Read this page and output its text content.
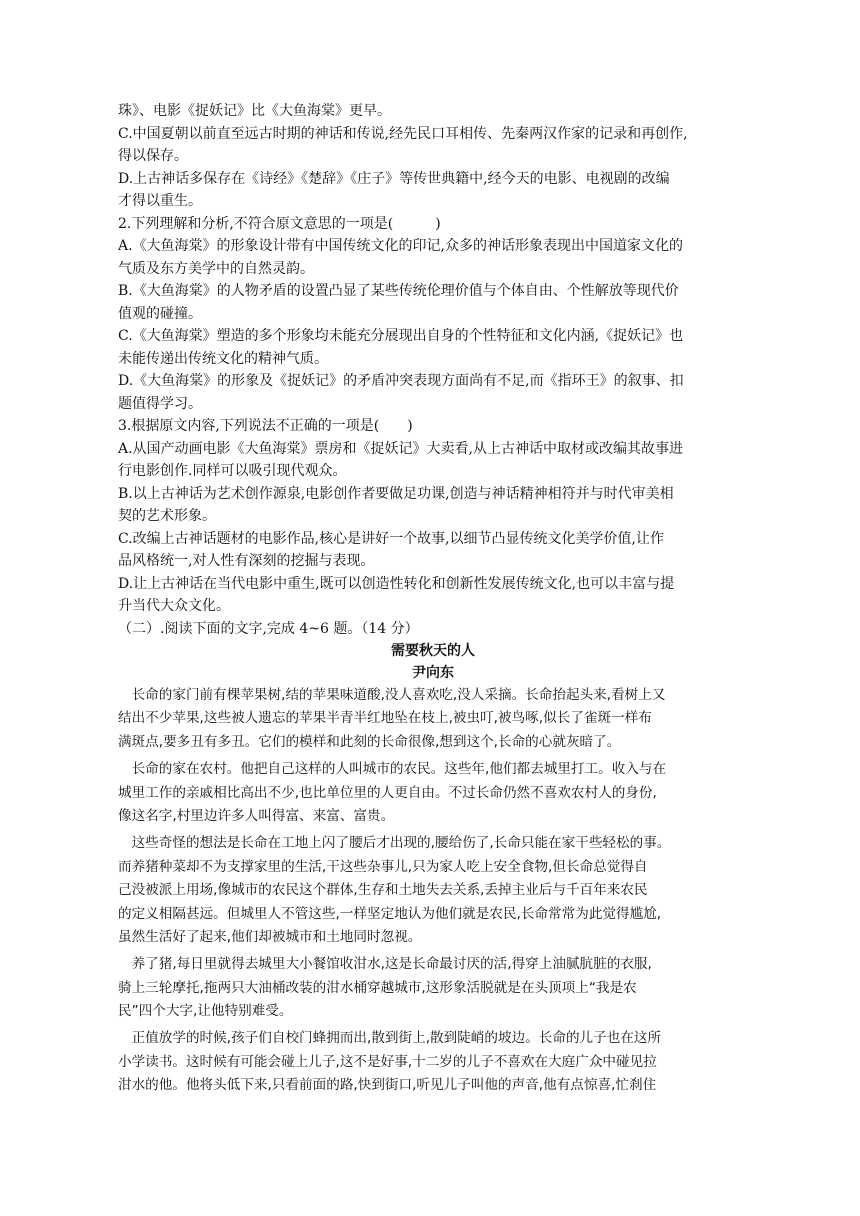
珠》、电影《捉妖记》比《大鱼海棠》更早。
C.中国夏朝以前直至远古时期的神话和传说,经先民口耳相传、先秦两汉作家的记录和再创作,
得以保存。
D.上古神话多保存在《诗经》《楚辞》《庄子》等传世典籍中,经今天的电影、电视剧的改编
才得以重生。
2.下列理解和分析,不符合原文意思的一项是(　　　)
A.《大鱼海棠》的形象设计带有中国传统文化的印记,众多的神话形象表现出中国道家文化的
气质及东方美学中的自然灵韵。
B.《大鱼海棠》的人物矛盾的设置凸显了某些传统伦理价值与个体自由、个性解放等现代价
值观的碰撞。
C.《大鱼海棠》塑造的多个形象均未能充分展现出自身的个性特征和文化内涵,《捉妖记》也
未能传递出传统文化的精神气质。
D.《大鱼海棠》的形象及《捉妖记》的矛盾冲突表现方面尚有不足,而《指环王》的叙事、扣
题值得学习。
3.根据原文内容,下列说法不正确的一项是(　　)
A.从国产动画电影《大鱼海棠》票房和《捉妖记》大卖看,从上古神话中取材或改编其故事进
行电影创作.同样可以吸引现代观众。
B.以上古神话为艺术创作源泉,电影创作者要做足功课,创造与神话精神相符并与时代审美相
契的艺术形象。
C.改编上古神话题材的电影作品,核心是讲好一个故事,以细节凸显传统文化美学价值,让作
品风格统一,对人性有深刻的挖掘与表现。
D.让上古神话在当代电影中重生,既可以创造性转化和创新性发展传统文化,也可以丰富与提
升当代大众文化。
（二）.阅读下面的文字,完成 4~6 题。（14 分）
需要秋天的人
尹向东
　长命的家门前有棵苹果树,结的苹果味道酸,没人喜欢吃,没人采摘。长命抬起头来,看树上又
结出不少苹果,这些被人遗忘的苹果半青半红地坠在枝上,被虫叮,被鸟啄,似长了雀斑一样布
满斑点,要多丑有多丑。它们的模样和此刻的长命很像,想到这个,长命的心就灰暗了。
　长命的家在农村。他把自己这样的人叫城市的农民。这些年,他们都去城里打工。收入与在
城里工作的亲戚相比高出不少,也比单位里的人更自由。不过长命仍然不喜欢农村人的身份,
像这名字,村里边许多人叫得富、来富、富贵。
　这些奇怪的想法是长命在工地上闪了腰后才出现的,腰给伤了,长命只能在家干些轻松的事。
而养猪种菜却不为支撑家里的生活,干这些杂事儿,只为家人吃上安全食物,但长命总觉得自
己没被派上用场,像城市的农民这个群体,生存和土地失去关系,丢掉主业后与千百年来农民
的定义相隔甚远。但城里人不管这些,一样坚定地认为他们就是农民,长命常常为此觉得尴尬,
虽然生活好了起来,他们却被城市和土地同时忽视。
　养了猪,每日里就得去城里大小餐馆收泔水,这是长命最讨厌的活,得穿上油腻肮脏的衣服,
骑上三轮摩托,拖两只大油桶改装的泔水桶穿越城市,这形象活脱就是在头顶项上“我是农
民”四个大字,让他特别难受。
　正值放学的时候,孩子们自校门蜂拥而出,散到街上,散到陡峭的坡边。长命的儿子也在这所
小学读书。这时候有可能会碰上儿子,这不是好事,十二岁的儿子不喜欢在大庭广众中碰见拉
泔水的他。他将头低下来,只看前面的路,快到街口,听见儿子叫他的声音,他有点惊喜,忙刹住
